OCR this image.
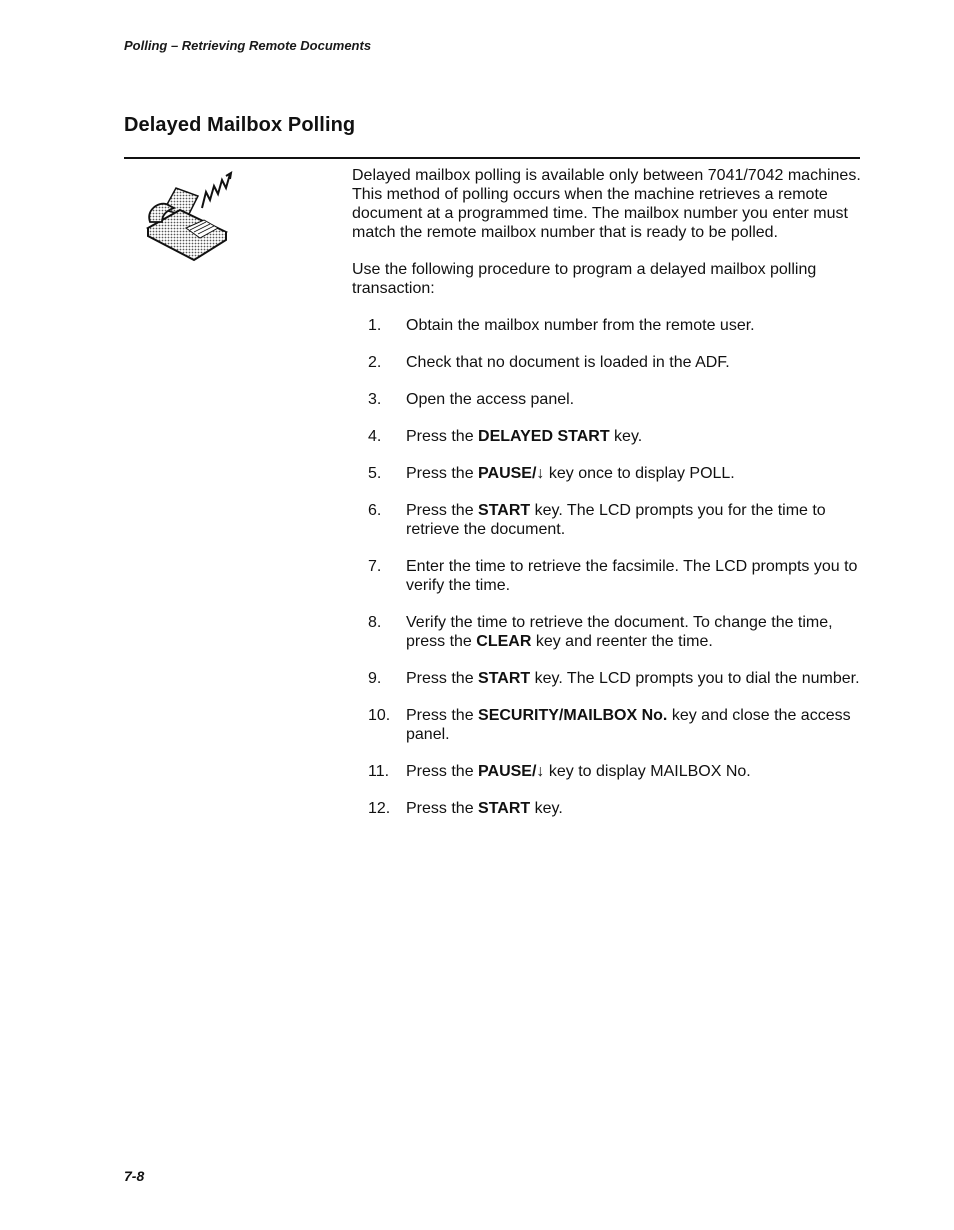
Polling – Retrieving Remote Documents
Delayed Mailbox Polling

Delayed mailbox polling is available only between 7041/7042 machines. This method of polling occurs when the machine retrieves a remote document at a programmed time. The mailbox number you enter must match the remote mailbox number that is ready to be polled.

Use the following procedure to program a delayed mailbox polling transaction:

1. Obtain the mailbox number from the remote user.
2. Check that no document is loaded in the ADF.
3. Open the access panel.
4. Press the DELAYED START key.
5. Press the PAUSE/↓ key once to display POLL.
6. Press the START key. The LCD prompts you for the time to retrieve the document.
7. Enter the time to retrieve the facsimile. The LCD prompts you to verify the time.
8. Verify the time to retrieve the document. To change the time, press the CLEAR key and reenter the time.
9. Press the START key. The LCD prompts you to dial the number.
10. Press the SECURITY/MAILBOX No. key and close the access panel.
11. Press the PAUSE/↓ key to display MAILBOX No.
12. Press the START key.
7-8
